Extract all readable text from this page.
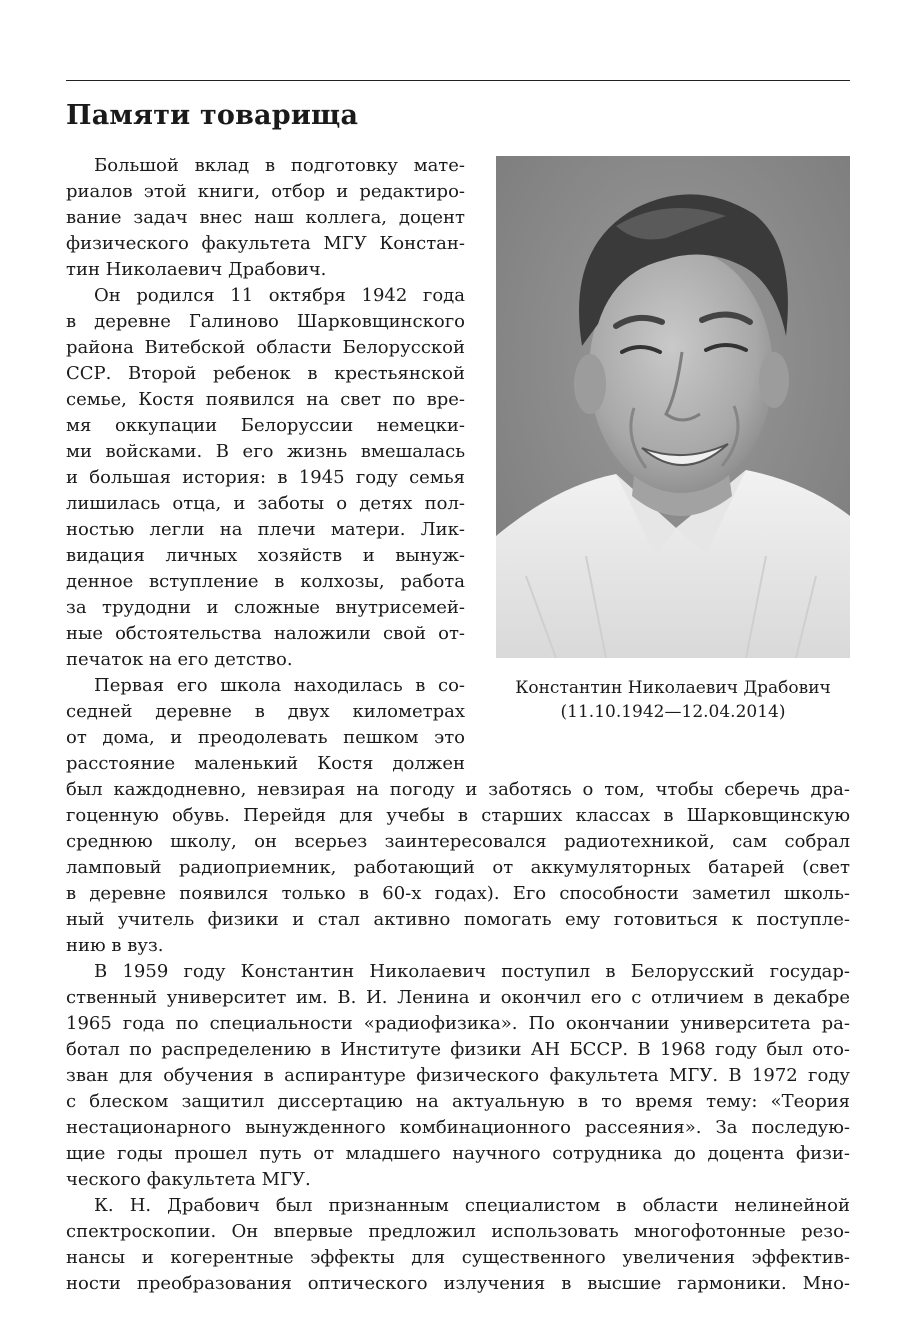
Памяти товарища
Константин Николаевич Драбович
(11.10.1942—12.04.2014)
Большой вклад в подготовку мате-
риалов этой книги, отбор и редактиро-
вание задач внес наш коллега, доцент
физического факультета МГУ Констан-
тин Николаевич Драбович.
Он родился 11 октября 1942 года
в деревне Галиново Шарковщинского
района Витебской области Белорусской
ССР. Второй ребенок в крестьянской
семье, Костя появился на свет по вре-
мя оккупации Белоруссии немецки-
ми войсками. В его жизнь вмешалась
и большая история: в 1945 году семья
лишилась отца, и заботы о детях пол-
ностью легли на плечи матери. Лик-
видация личных хозяйств и вынуж-
денное вступление в колхозы, работа
за трудодни и сложные внутрисемей-
ные обстоятельства наложили свой от-
печаток на его детство.
Первая его школа находилась в со-
седней деревне в двух километрах
от дома, и преодолевать пешком это
расстояние маленький Костя должен
был каждодневно, невзирая на погоду и заботясь о том, чтобы сберечь дра-
гоценную обувь. Перейдя для учебы в старших классах в Шарковщинскую
среднюю школу, он всерьез заинтересовался радиотехникой, сам собрал
ламповый радиоприемник, работающий от аккумуляторных батарей (свет
в деревне появился только в 60-х годах). Его способности заметил школь-
ный учитель физики и стал активно помогать ему готовиться к поступле-
нию в вуз.
В 1959 году Константин Николаевич поступил в Белорусский государ-
ственный университет им. В. И. Ленина и окончил его с отличием в декабре
1965 года по специальности «радиофизика». По окончании университета ра-
ботал по распределению в Институте физики АН БССР. В 1968 году был ото-
зван для обучения в аспирантуре физического факультета МГУ. В 1972 году
с блеском защитил диссертацию на актуальную в то время тему: «Теория
нестационарного вынужденного комбинационного рассеяния». За последую-
щие годы прошел путь от младшего научного сотрудника до доцента физи-
ческого факультета МГУ.
К. Н. Драбович был признанным специалистом в области нелинейной
спектроскопии. Он впервые предложил использовать многофотонные резо-
нансы и когерентные эффекты для существенного увеличения эффектив-
ности преобразования оптического излучения в высшие гармоники. Мно-
